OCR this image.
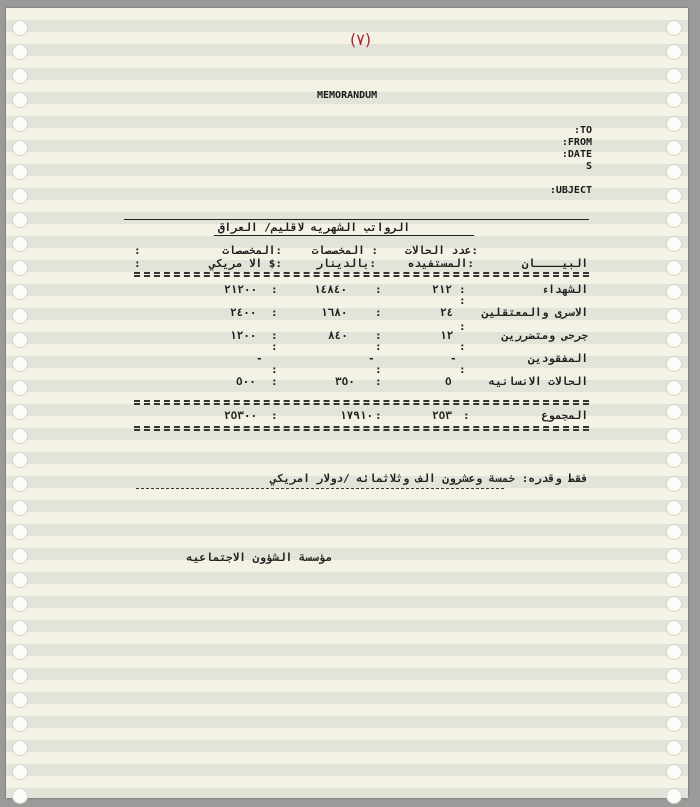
(٧)
MEMORANDUM
:TO
:FROM
:DATE
S
:UBJECT
الرواتب الشهريه لاقليم/ العراق
البيــــان
:عدد الحالات
:المستفيده
: المخصصات
:بالدينار
:المخصصات
:$ الا مريكي
:
:
الشهداء
٢١٢
١٤٨٤٠
٢١٢٠٠	:
:
:
الاسرى والمعتقلين
٢٤
١٦٨٠
٢٤٠٠
:
:
:
جرحى ومتضررين
١٢
٨٤٠
١٢٠٠
:
:
:
المفقودين
-
-
-
:
:
:
الحالات الانسانيه
٥
٣٥٠
٥٠٠
:
:
:
:
:
المجموع
٢٥٣
١٧٩١٠
٢٥٣٠٠	:
:
:
فقط وقدره: خمسة وعشرون الف وثلاثمائه /دولار امريكي
مؤسسة الشؤون الاجتماعيه
